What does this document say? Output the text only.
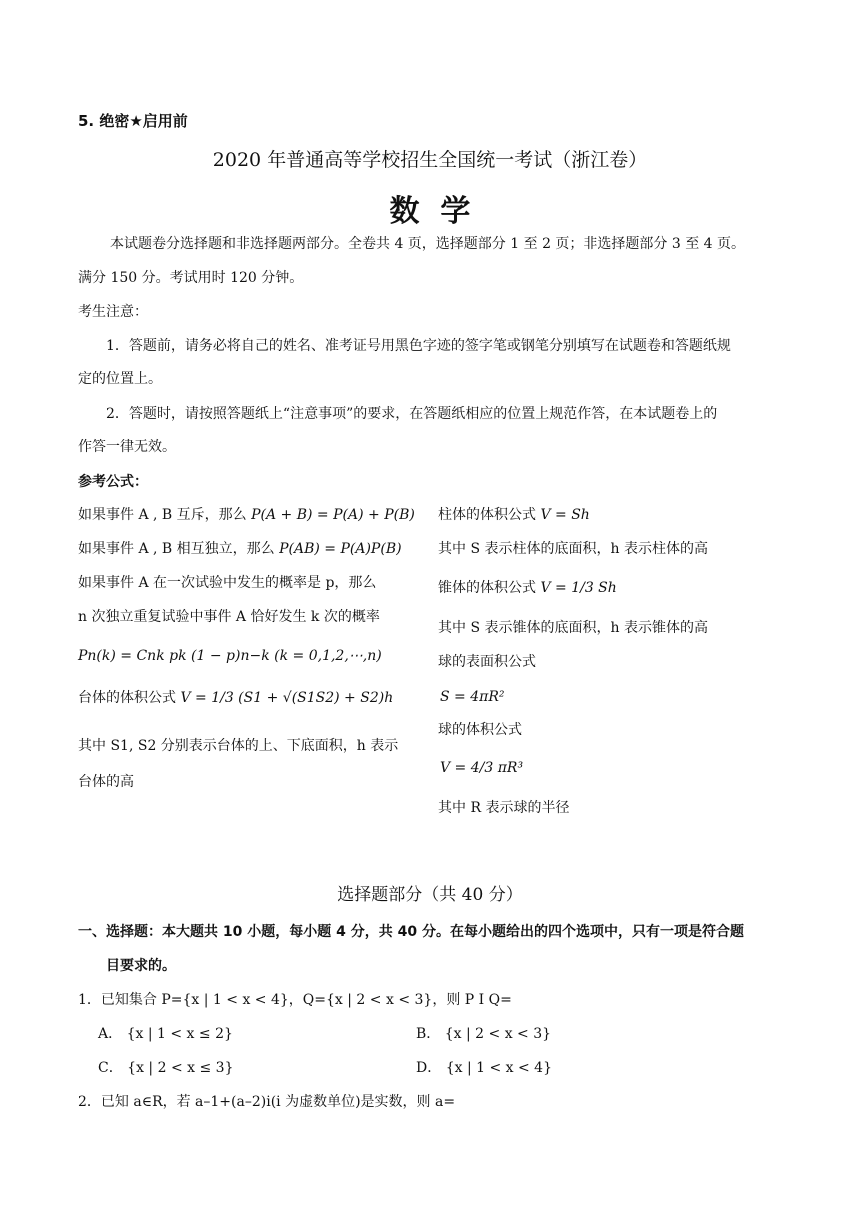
5. 绝密★启用前
2020 年普通高等学校招生全国统一考试（浙江卷）
数  学
本试题卷分选择题和非选择题两部分。全卷共 4 页，选择题部分 1 至 2 页；非选择题部分 3 至 4 页。
满分 150 分。考试用时 120 分钟。
考生注意：
1．答题前，请务必将自己的姓名、准考证号用黑色字迹的签字笔或钢笔分别填写在试题卷和答题纸规
定的位置上。
2．答题时，请按照答题纸上“注意事项”的要求，在答题纸相应的位置上规范作答，在本试题卷上的
作答一律无效。
参考公式：
如果事件 A , B 互斥，那么 P(A + B) = P(A) + P(B)
如果事件 A , B 相互独立，那么 P(AB) = P(A)P(B)
如果事件 A 在一次试验中发生的概率是 p，那么
n 次独立重复试验中事件 A 恰好发生 k 次的概率
Pn(k) = Cnk pk (1 − p)n−k (k = 0,1,2,⋯,n)
台体的体积公式 V = 1/3 (S1 + √(S1S2) + S2)h
其中 S1, S2 分别表示台体的上、下底面积，h 表示
台体的高
柱体的体积公式 V = Sh
其中 S 表示柱体的底面积，h 表示柱体的高
锥体的体积公式 V = 1/3 Sh
其中 S 表示锥体的底面积，h 表示锥体的高
球的表面积公式
S = 4πR²
球的体积公式
V = 4/3 πR³
其中 R 表示球的半径
选择题部分（共 40 分）
一、选择题：本大题共 10 小题，每小题 4 分，共 40 分。在每小题给出的四个选项中，只有一项是符合题
目要求的。
1．已知集合 P={x | 1 < x < 4}，Q={x | 2 < x < 3}，则 P I Q=
A． {x | 1 < x ≤ 2}	B． {x | 2 < x < 3}
C． {x | 2 < x ≤ 3}	D． {x | 1 < x < 4}
2．已知 a∈R，若 a–1+(a–2)i(i 为虚数单位)是实数，则 a=
